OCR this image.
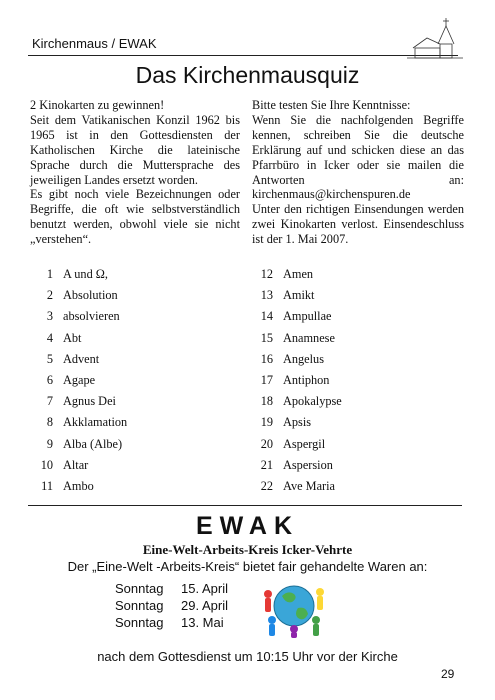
Kirchenmaus / EWAK
Das Kirchenmausquiz

2 Kinokarten zu gewinnen!

Seit dem Vatikanischen Konzil 1962 bis 1965 ist in den Gottesdiensten der Katholischen Kirche die lateinische Sprache durch die Muttersprache des jeweiligen Landes ersetzt worden.

Es gibt noch viele Bezeichnungen oder Begriffe, die oft wie selbstverständlich benutzt werden, obwohl viele sie nicht „verstehen“.

Bitte testen Sie Ihre Kenntnisse:

Wenn Sie die nachfolgenden Begriffe kennen, schreiben Sie die deutsche Erklärung auf und schicken diese an das Pfarrbüro in Icker oder sie mailen die Antworten an: kirchenmaus@kirchenspuren.de

Unter den richtigen Einsendungen werden zwei Kinokarten verlost. Einsendeschluss ist der 1. Mai 2007.

1 A und Ω,
2 Absolution
3 absolvieren
4 Abt
5 Advent
6 Agape
7 Agnus Dei
8 Akklamation
9 Alba (Albe)
10 Altar
11 Ambo
12 Amen
13 Amikt
14 Ampullae
15 Anamnese
16 Angelus
17 Antiphon
18 Apokalypse
19 Apsis
20 Aspergil
21 Aspersion
22 Ave Maria
EWAK
Eine-Welt-Arbeits-Kreis Icker-Vehrte
Der „Eine-Welt -Arbeits-Kreis“ bietet fair gehandelte Waren an:
Sonntag 15. April
Sonntag 29. April
Sonntag 13. Mai
nach dem Gottesdienst um 10:15 Uhr vor der Kirche
29
